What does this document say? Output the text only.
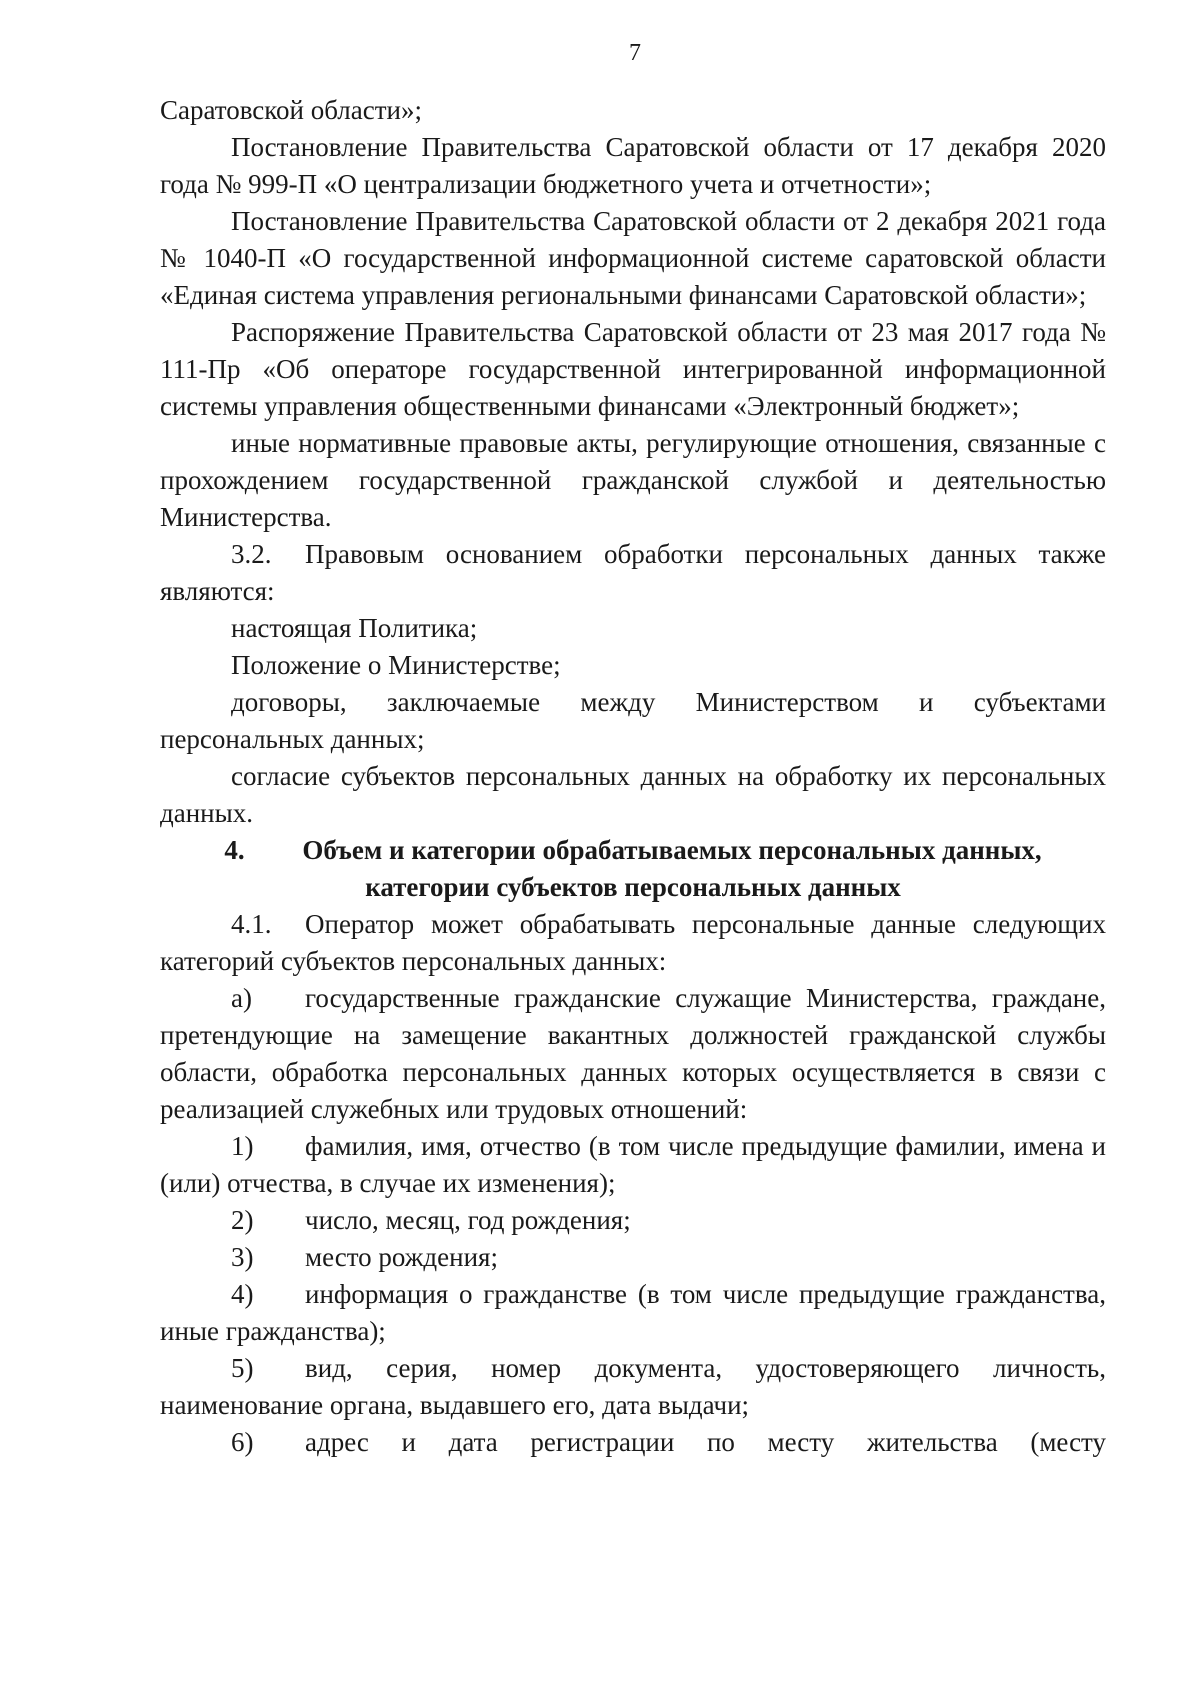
7

Саратовской области»;

Постановление Правительства Саратовской области от 17 декабря 2020 года № 999-П «О централизации бюджетного учета и отчетности»;

Постановление Правительства Саратовской области от 2 декабря 2021 года № 1040-П «О государственной информационной системе саратовской области «Единая система управления региональными финансами Саратовской области»;

Распоряжение Правительства Саратовской области от 23 мая 2017 года № 111-Пр «Об операторе государственной интегрированной информационной системы управления общественными финансами «Электронный бюджет»;

иные нормативные правовые акты, регулирующие отношения, связанные с прохождением государственной гражданской службой и деятельностью Министерства.

3.2. Правовым основанием обработки персональных данных также являются:

настоящая Политика;

Положение о Министерстве;

договоры, заключаемые между Министерством и субъектами персональных данных;

согласие субъектов персональных данных на обработку их персональных данных.

4. Объем и категории обрабатываемых персональных данных,

категории субъектов персональных данных

4.1. Оператор может обрабатывать персональные данные следующих категорий субъектов персональных данных:

а) государственные гражданские служащие Министерства, граждане, претендующие на замещение вакантных должностей гражданской службы области, обработка персональных данных которых осуществляется в связи с реализацией служебных или трудовых отношений:

1) фамилия, имя, отчество (в том числе предыдущие фамилии, имена и (или) отчества, в случае их изменения);

2) число, месяц, год рождения;

3) место рождения;

4) информация о гражданстве (в том числе предыдущие гражданства, иные гражданства);

5) вид, серия, номер документа, удостоверяющего личность, наименование органа, выдавшего его, дата выдачи;

6) адрес и дата регистрации по месту жительства (месту
